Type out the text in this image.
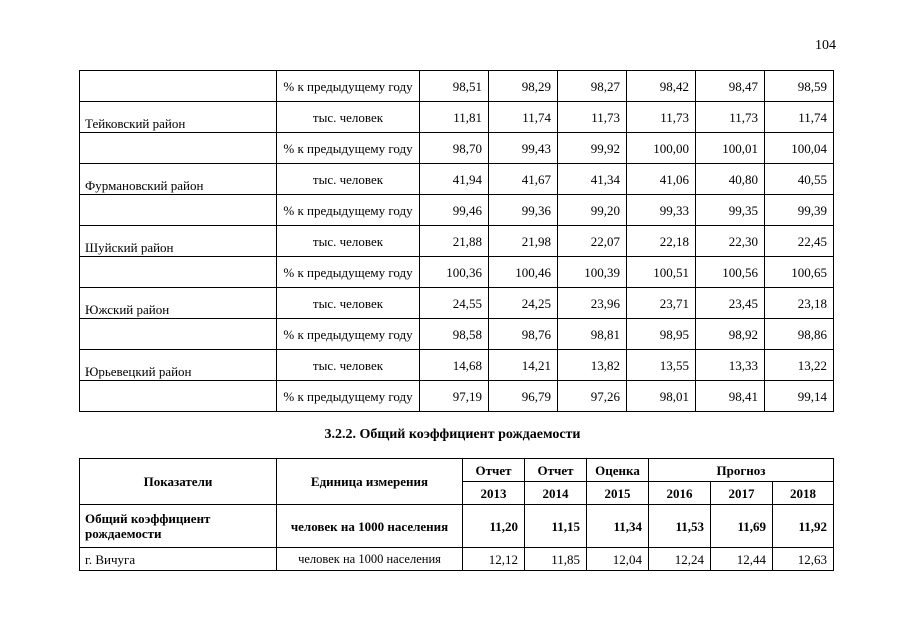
104
	% к предыдущему году	98,51	98,29	98,27	98,42	98,47	98,59
Тейковский район	тыс. человек	11,81	11,74	11,73	11,73	11,73	11,74
	% к предыдущему году	98,70	99,43	99,92	100,00	100,01	100,04
Фурмановский район	тыс. человек	41,94	41,67	41,34	41,06	40,80	40,55
	% к предыдущему году	99,46	99,36	99,20	99,33	99,35	99,39
Шуйский район	тыс. человек	21,88	21,98	22,07	22,18	22,30	22,45
	% к предыдущему году	100,36	100,46	100,39	100,51	100,56	100,65
Южский район	тыс. человек	24,55	24,25	23,96	23,71	23,45	23,18
	% к предыдущему году	98,58	98,76	98,81	98,95	98,92	98,86
Юрьевецкий район	тыс. человек	14,68	14,21	13,82	13,55	13,33	13,22
	% к предыдущему году	97,19	96,79	97,26	98,01	98,41	99,14
3.2.2. Общий коэффициент рождаемости
Показатели	Единица измерения	Отчет	Отчет	Оценка	Прогноз		
		2013	2014	2015	2016	2017	2018
Общий коэффициент рождаемости	человек на 1000 населения	11,20	11,15	11,34	11,53	11,69	11,92
г. Вичуга	человек на 1000 населения	12,12	11,85	12,04	12,24	12,44	12,63
